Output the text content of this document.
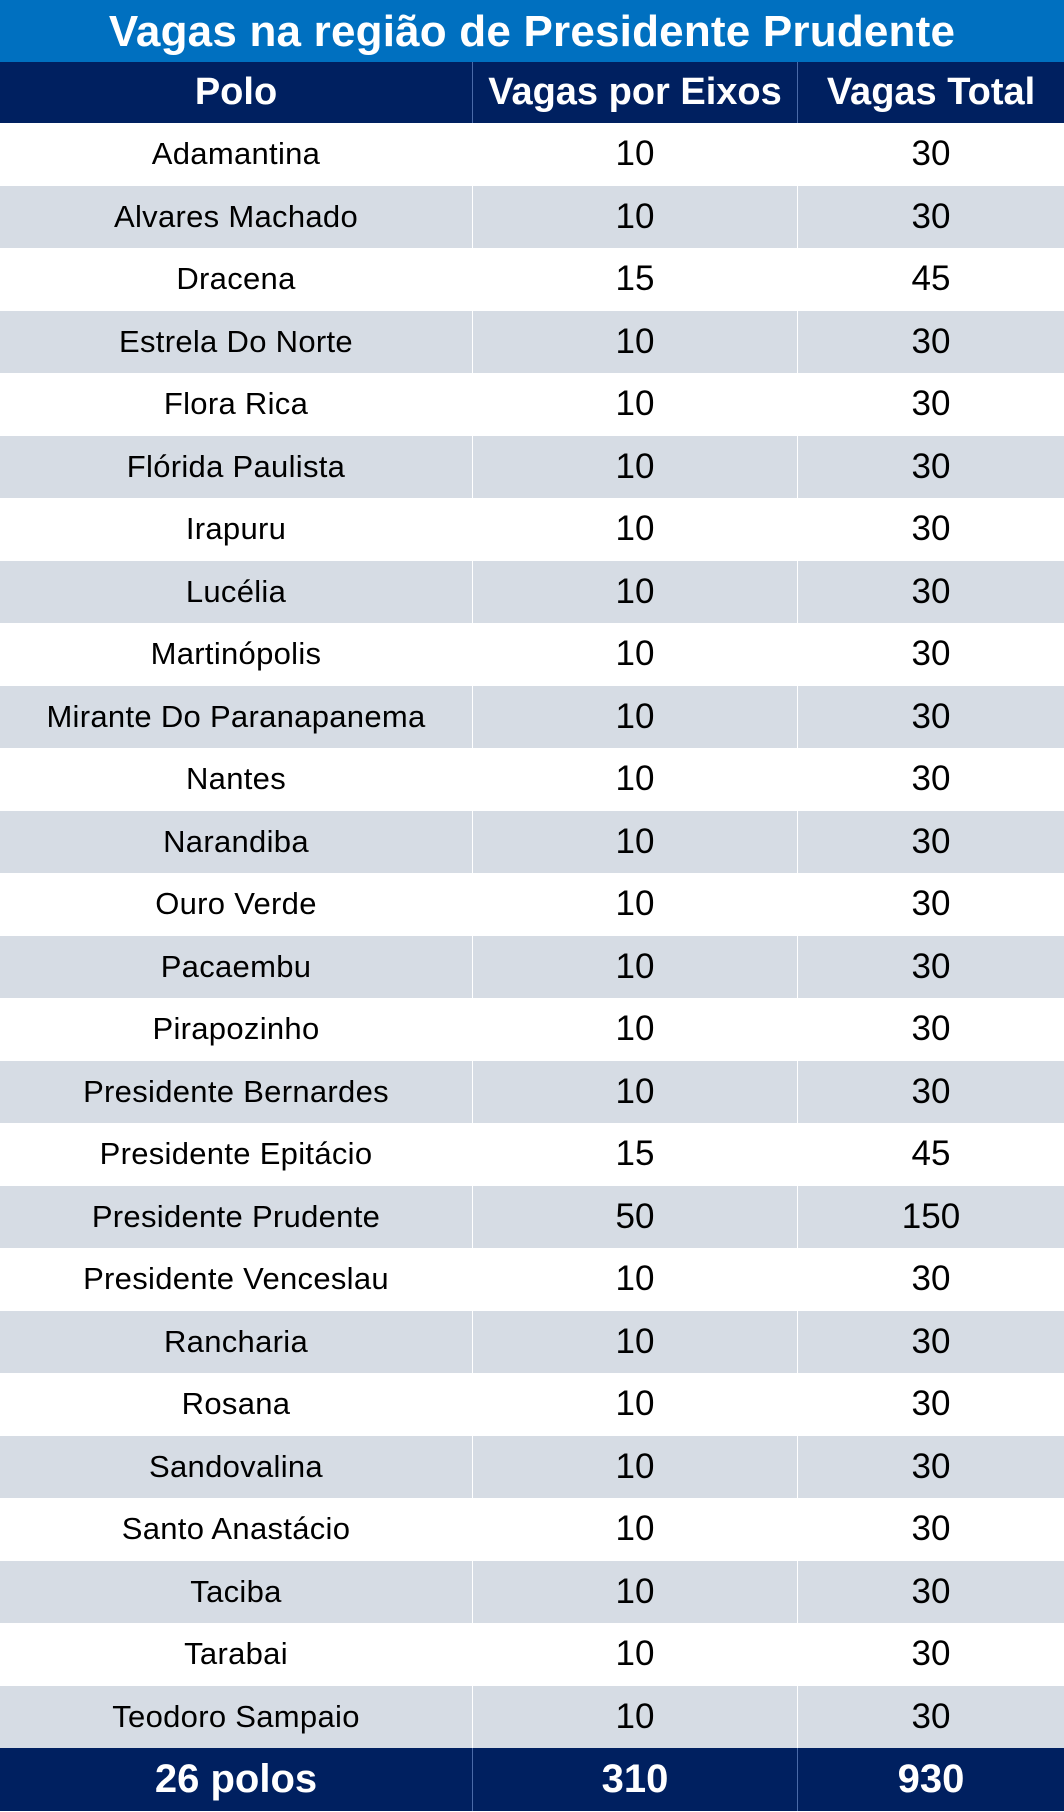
Vagas na região de Presidente Prudente
Polo	Vagas por Eixos	Vagas Total
Adamantina	10	30
Alvares Machado	10	30
Dracena	15	45
Estrela Do Norte	10	30
Flora Rica	10	30
Flórida Paulista	10	30
Irapuru	10	30
Lucélia	10	30
Martinópolis	10	30
Mirante Do Paranapanema	10	30
Nantes	10	30
Narandiba	10	30
Ouro Verde	10	30
Pacaembu	10	30
Pirapozinho	10	30
Presidente Bernardes	10	30
Presidente Epitácio	15	45
Presidente Prudente	50	150
Presidente Venceslau	10	30
Rancharia	10	30
Rosana	10	30
Sandovalina	10	30
Santo Anastácio	10	30
Taciba	10	30
Tarabai	10	30
Teodoro Sampaio	10	30
26 polos	310	930
